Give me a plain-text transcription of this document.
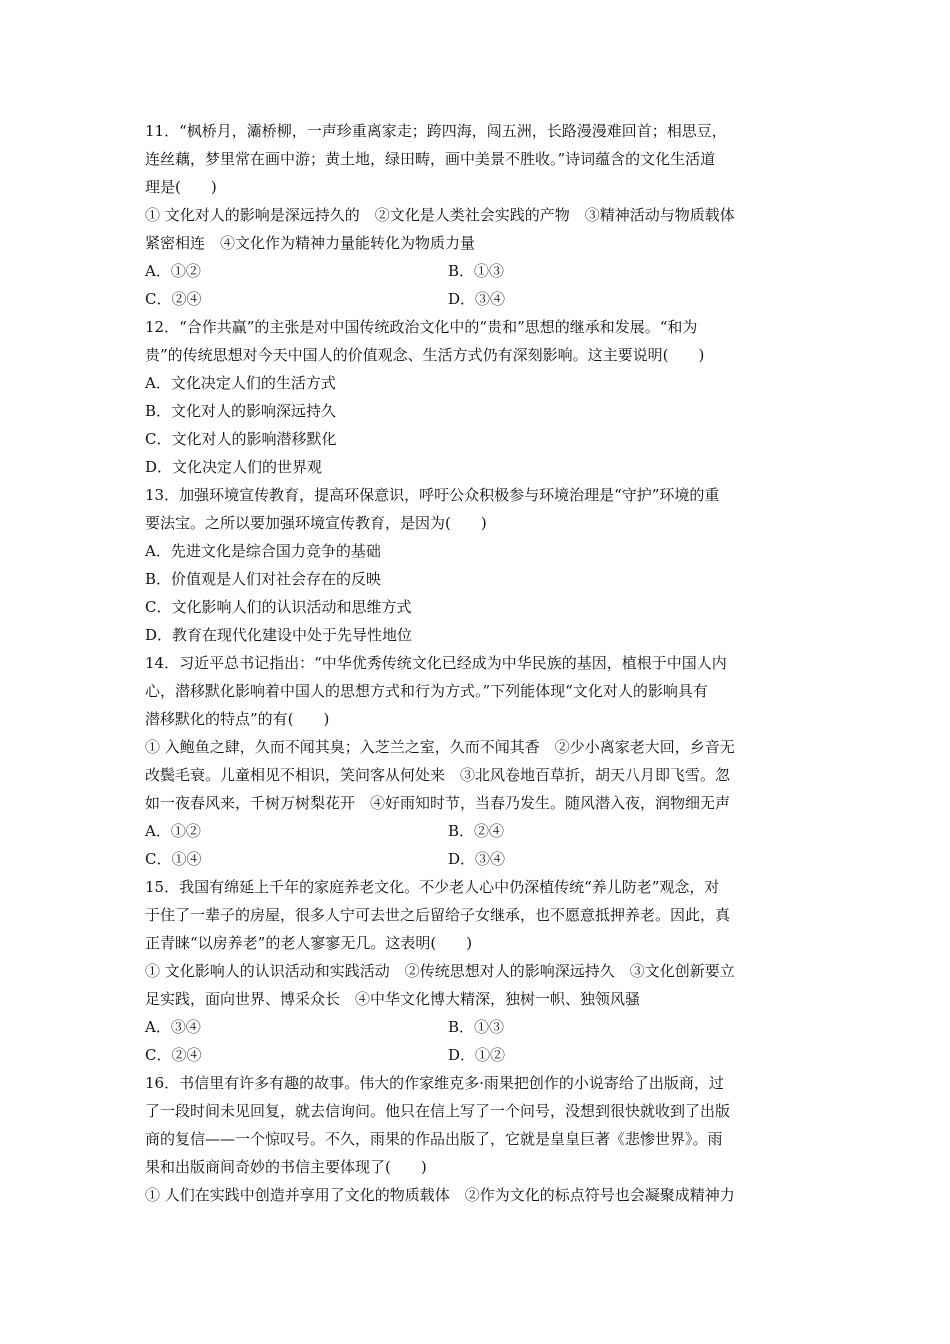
11．“枫桥月，灞桥柳，一声珍重离家走；跨四海，闯五洲，长路漫漫难回首；相思豆，
连丝藕，梦里常在画中游；黄土地，绿田畴，画中美景不胜收。”诗词蕴含的文化生活道
理是(　　)
① 文化对人的影响是深远持久的　②文化是人类社会实践的产物　③精神活动与物质载体
紧密相连　④文化作为精神力量能转化为物质力量
A．①②	B．①③
C．②④	D．③④
12．“合作共赢”的主张是对中国传统政治文化中的“贵和”思想的继承和发展。“和为
贵”的传统思想对今天中国人的价值观念、生活方式仍有深刻影响。这主要说明(　　)
A．文化决定人们的生活方式
B．文化对人的影响深远持久
C．文化对人的影响潜移默化
D．文化决定人们的世界观
13．加强环境宣传教育，提高环保意识，呼吁公众积极参与环境治理是“守护”环境的重
要法宝。之所以要加强环境宣传教育，是因为(　　)
A．先进文化是综合国力竞争的基础
B．价值观是人们对社会存在的反映
C．文化影响人们的认识活动和思维方式
D．教育在现代化建设中处于先导性地位
14．习近平总书记指出：“中华优秀传统文化已经成为中华民族的基因，植根于中国人内
心，潜移默化影响着中国人的思想方式和行为方式。”下列能体现“文化对人的影响具有
潜移默化的特点”的有(　　)
① 入鲍鱼之肆，久而不闻其臭；入芝兰之室，久而不闻其香　②少小离家老大回，乡音无
改鬓毛衰。儿童相见不相识，笑问客从何处来　③北风卷地百草折，胡天八月即飞雪。忽
如一夜春风来，千树万树梨花开　④好雨知时节，当春乃发生。随风潜入夜，润物细无声
A．①②	B．②④
C．①④	D．③④
15．我国有绵延上千年的家庭养老文化。不少老人心中仍深植传统“养儿防老”观念，对
于住了一辈子的房屋，很多人宁可去世之后留给子女继承，也不愿意抵押养老。因此，真
正青睐“以房养老”的老人寥寥无几。这表明(　　)
① 文化影响人的认识活动和实践活动　②传统思想对人的影响深远持久　③文化创新要立
足实践，面向世界、博采众长　④中华文化博大精深，独树一帜、独领风骚
A．③④	B．①③
C．②④	D．①②
16．书信里有许多有趣的故事。伟大的作家维克多·雨果把创作的小说寄给了出版商，过
了一段时间未见回复，就去信询问。他只在信上写了一个问号，没想到很快就收到了出版
商的复信——一个惊叹号。不久，雨果的作品出版了，它就是皇皇巨著《悲惨世界》。雨
果和出版商间奇妙的书信主要体现了(　　)
① 人们在实践中创造并享用了文化的物质载体　②作为文化的标点符号也会凝聚成精神力
